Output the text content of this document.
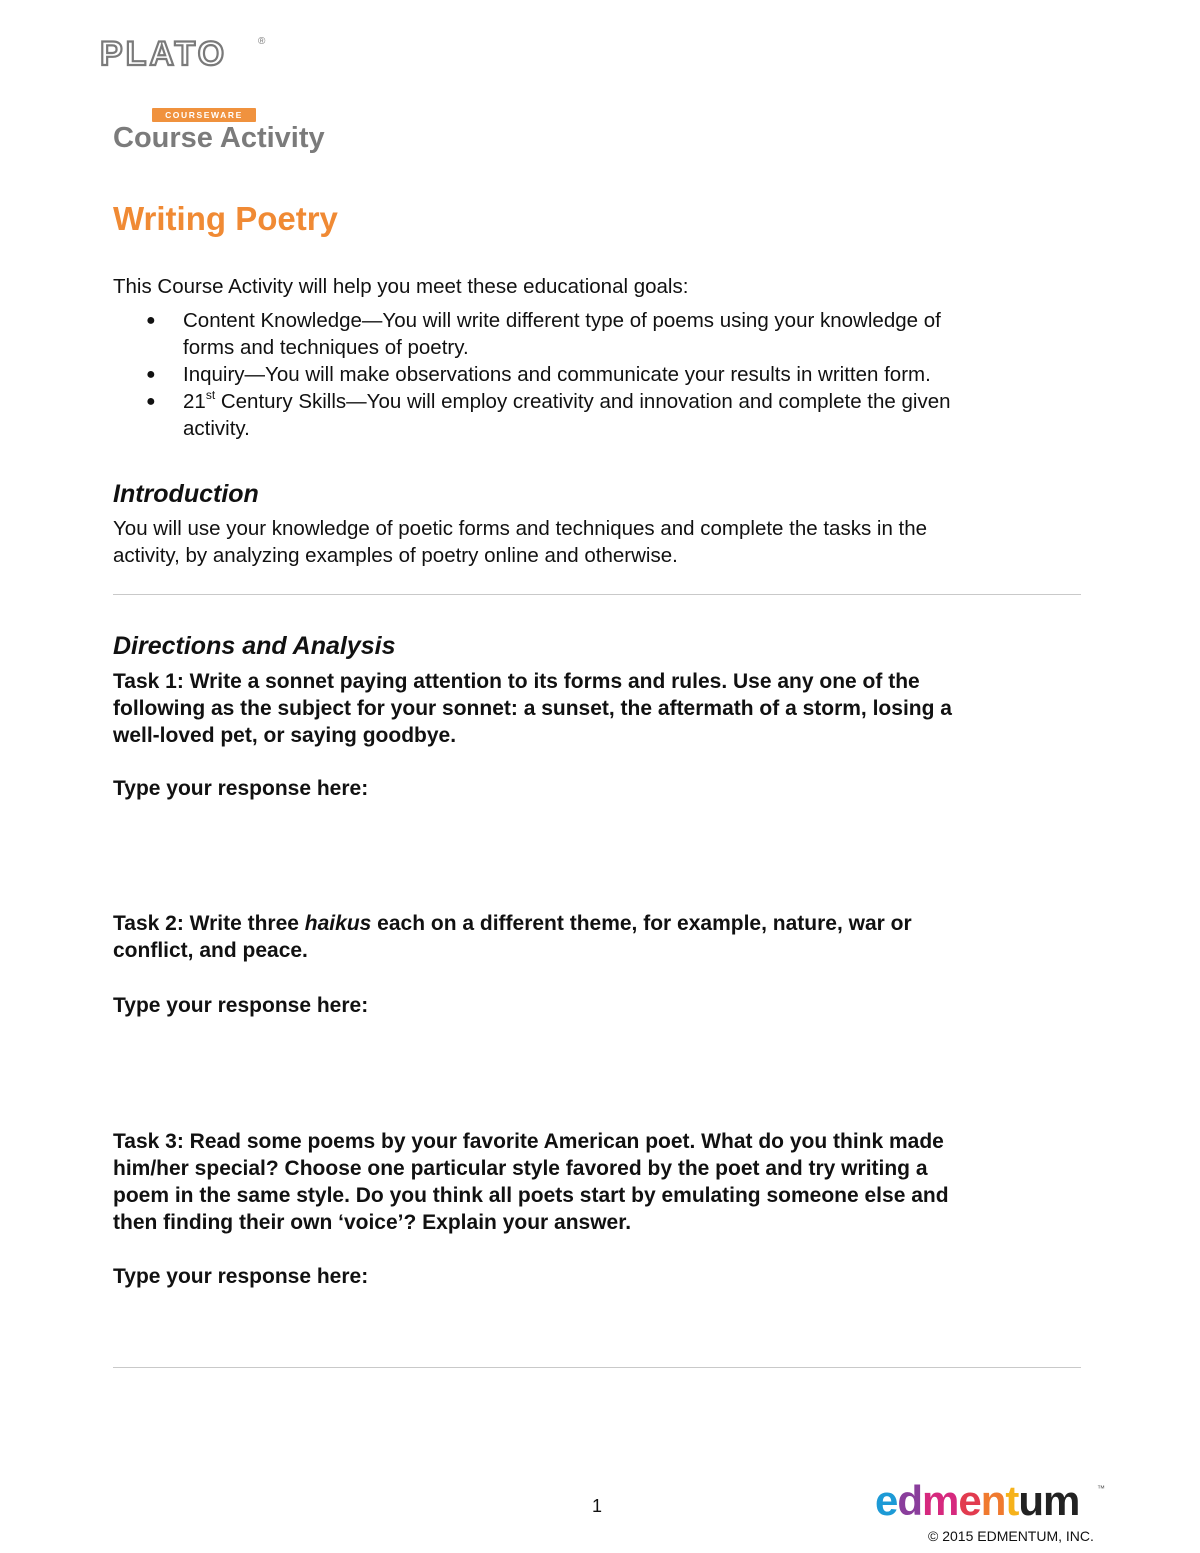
PLATO	®
COURSEWARE
Course Activity
Writing Poetry
This Course Activity will help you meet these educational goals:
● Content Knowledge—You will write different type of poems using your knowledge of
forms and techniques of poetry.
● Inquiry—You will make observations and communicate your results in written form.
● 21st Century Skills—You will employ creativity and innovation and complete the given
activity.
Introduction
You will use your knowledge of poetic forms and techniques and complete the tasks in the
activity, by analyzing examples of poetry online and otherwise.
Directions and Analysis
Task 1: Write a sonnet paying attention to its forms and rules. Use any one of the
following as the subject for your sonnet: a sunset, the aftermath of a storm, losing a
well-loved pet, or saying goodbye.
Type your response here:
Task 2: Write three haikus each on a different theme, for example, nature, war or
conflict, and peace.
Type your response here:
Task 3: Read some poems by your favorite American poet. What do you think made
him/her special? Choose one particular style favored by the poet and try writing a
poem in the same style. Do you think all poets start by emulating someone else and
then finding their own ‘voice’? Explain your answer.
Type your response here:
1	edmentum ™
© 2015 EDMENTUM, INC.
